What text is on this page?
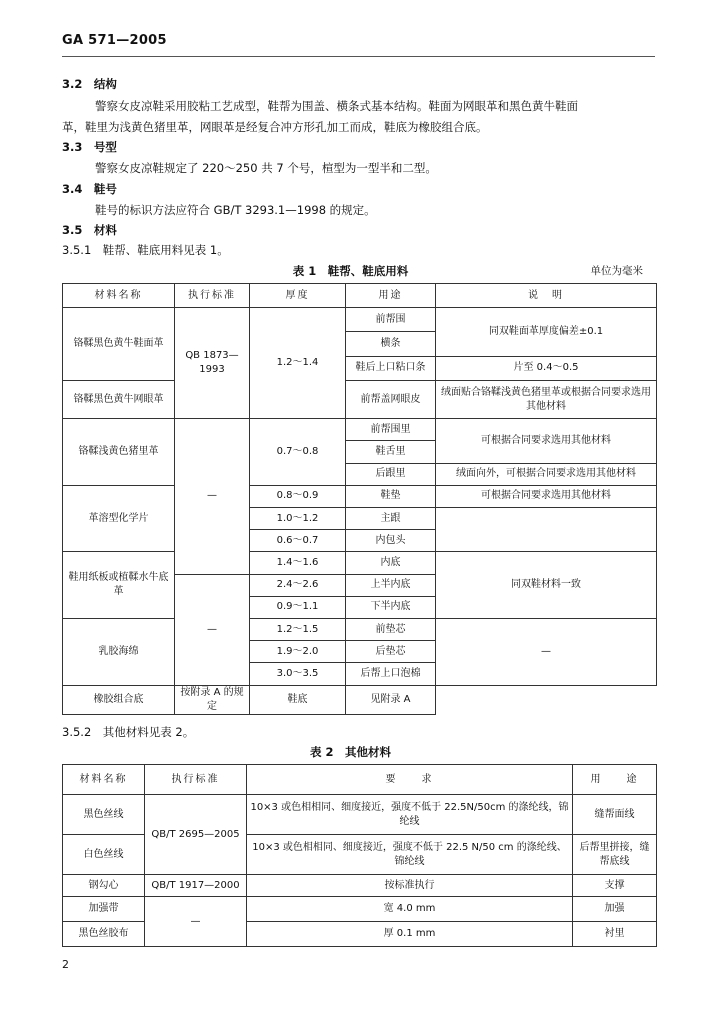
GA 571—2005
3.2　结构
警察女皮凉鞋采用胶粘工艺成型，鞋帮为围盖、横条式基本结构。鞋面为网眼革和黑色黄牛鞋面
革，鞋里为浅黄色猪里革，网眼革是经复合冲方形孔加工而成，鞋底为橡胶组合底。
3.3　号型
警察女皮凉鞋规定了 220～250 共 7 个号，楦型为一型半和二型。
3.4　鞋号
鞋号的标识方法应符合 GB/T 3293.1—1998 的规定。
3.5　材料
3.5.1　鞋帮、鞋底用料见表 1。
表 1　鞋帮、鞋底用料	单位为毫米
材料名称	执行标准	厚度	用途	说　明
铬鞣黑色黄牛鞋面革	QB 1873—1993	1.2～1.4	前帮围	同双鞋面革厚度偏差±0.1
			横条	
			鞋后上口粘口条	片至 0.4～0.5
铬鞣黑色黄牛网眼革			前帮盖网眼皮	绒面贴合铬鞣浅黄色猪里革或根据合同要求选用其他材料
铬鞣浅黄色猪里革	—	0.7～0.8	前帮围里	可根据合同要求选用其他材料
			鞋舌里	
			后跟里	绒面向外，可根据合同要求选用其他材料
革溶型化学片		0.8～0.9	鞋垫	可根据合同要求选用其他材料
		1.0～1.2	主跟	
		0.6～0.7	内包头	
鞋用纸板或植鞣水牛底革		1.4～1.6	内底	同双鞋材料一致
	—	2.4～2.6	上半内底	
		0.9～1.1	下半内底	
乳胶海绵		1.2～1.5	前垫芯	—
		1.9～2.0	后垫芯	
		3.0～3.5	后帮上口泡棉	
橡胶组合底	按附录 A 的规定	鞋底	见附录 A	
3.5.2　其他材料见表 2。
表 2　其他材料
材料名称	执行标准	要　　求	用　　途
黑色丝线	QB/T 2695—2005	10×3 或色相相同、细度接近，强度不低于 22.5N/50cm 的涤纶线，锦纶线	缝帮面线
白色丝线		10×3 或色相相同、细度接近，强度不低于 22.5 N/50 cm 的涤纶线、锦纶线	后帮里拼接，缝帮底线
钢勾心	QB/T 1917—2000	按标准执行	支撑
加强带	—	宽 4.0 mm	加强
黑色丝胶布		厚 0.1 mm	衬里
2
